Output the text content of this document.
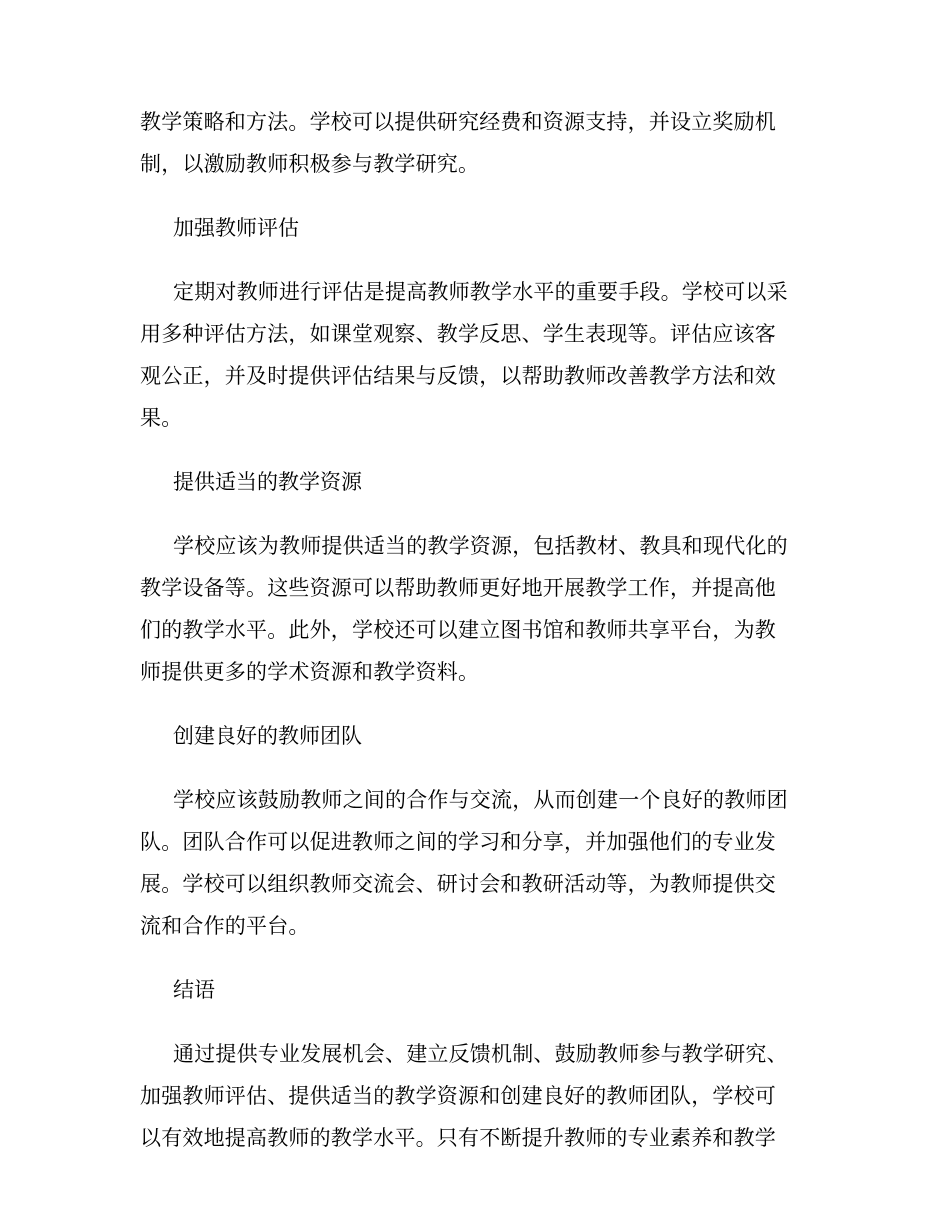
教学策略和方法。学校可以提供研究经费和资源支持，并设立奖励机
制，以激励教师积极参与教学研究。
加强教师评估
定期对教师进行评估是提高教师教学水平的重要手段。学校可以采
用多种评估方法，如课堂观察、教学反思、学生表现等。评估应该客
观公正，并及时提供评估结果与反馈，以帮助教师改善教学方法和效
果。
提供适当的教学资源
学校应该为教师提供适当的教学资源，包括教材、教具和现代化的
教学设备等。这些资源可以帮助教师更好地开展教学工作，并提高他
们的教学水平。此外，学校还可以建立图书馆和教师共享平台，为教
师提供更多的学术资源和教学资料。
创建良好的教师团队
学校应该鼓励教师之间的合作与交流，从而创建一个良好的教师团
队。团队合作可以促进教师之间的学习和分享，并加强他们的专业发
展。学校可以组织教师交流会、研讨会和教研活动等，为教师提供交
流和合作的平台。
结语
通过提供专业发展机会、建立反馈机制、鼓励教师参与教学研究、
加强教师评估、提供适当的教学资源和创建良好的教师团队，学校可
以有效地提高教师的教学水平。只有不断提升教师的专业素养和教学
